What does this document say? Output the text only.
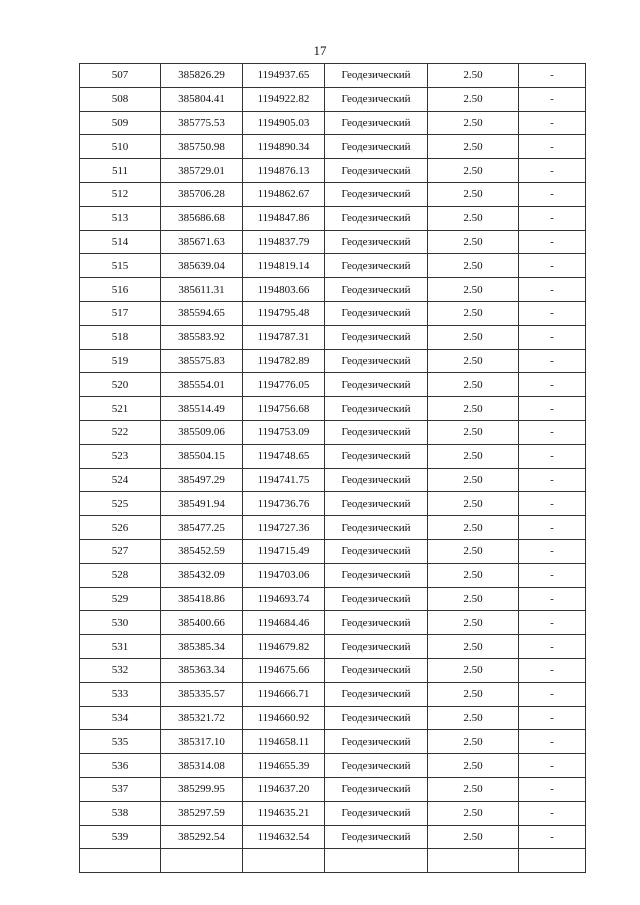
17
507	385826.29	1194937.65	Геодезический	2.50	-
508	385804.41	1194922.82	Геодезический	2.50	-
509	385775.53	1194905.03	Геодезический	2.50	-
510	385750.98	1194890.34	Геодезический	2.50	-
511	385729.01	1194876.13	Геодезический	2.50	-
512	385706.28	1194862.67	Геодезический	2.50	-
513	385686.68	1194847.86	Геодезический	2.50	-
514	385671.63	1194837.79	Геодезический	2.50	-
515	385639.04	1194819.14	Геодезический	2.50	-
516	385611.31	1194803.66	Геодезический	2.50	-
517	385594.65	1194795.48	Геодезический	2.50	-
518	385583.92	1194787.31	Геодезический	2.50	-
519	385575.83	1194782.89	Геодезический	2.50	-
520	385554.01	1194776.05	Геодезический	2.50	-
521	385514.49	1194756.68	Геодезический	2.50	-
522	385509.06	1194753.09	Геодезический	2.50	-
523	385504.15	1194748.65	Геодезический	2.50	-
524	385497.29	1194741.75	Геодезический	2.50	-
525	385491.94	1194736.76	Геодезический	2.50	-
526	385477.25	1194727.36	Геодезический	2.50	-
527	385452.59	1194715.49	Геодезический	2.50	-
528	385432.09	1194703.06	Геодезический	2.50	-
529	385418.86	1194693.74	Геодезический	2.50	-
530	385400.66	1194684.46	Геодезический	2.50	-
531	385385.34	1194679.82	Геодезический	2.50	-
532	385363.34	1194675.66	Геодезический	2.50	-
533	385335.57	1194666.71	Геодезический	2.50	-
534	385321.72	1194660.92	Геодезический	2.50	-
535	385317.10	1194658.11	Геодезический	2.50	-
536	385314.08	1194655.39	Геодезический	2.50	-
537	385299.95	1194637.20	Геодезический	2.50	-
538	385297.59	1194635.21	Геодезический	2.50	-
539	385292.54	1194632.54	Геодезический	2.50	-
